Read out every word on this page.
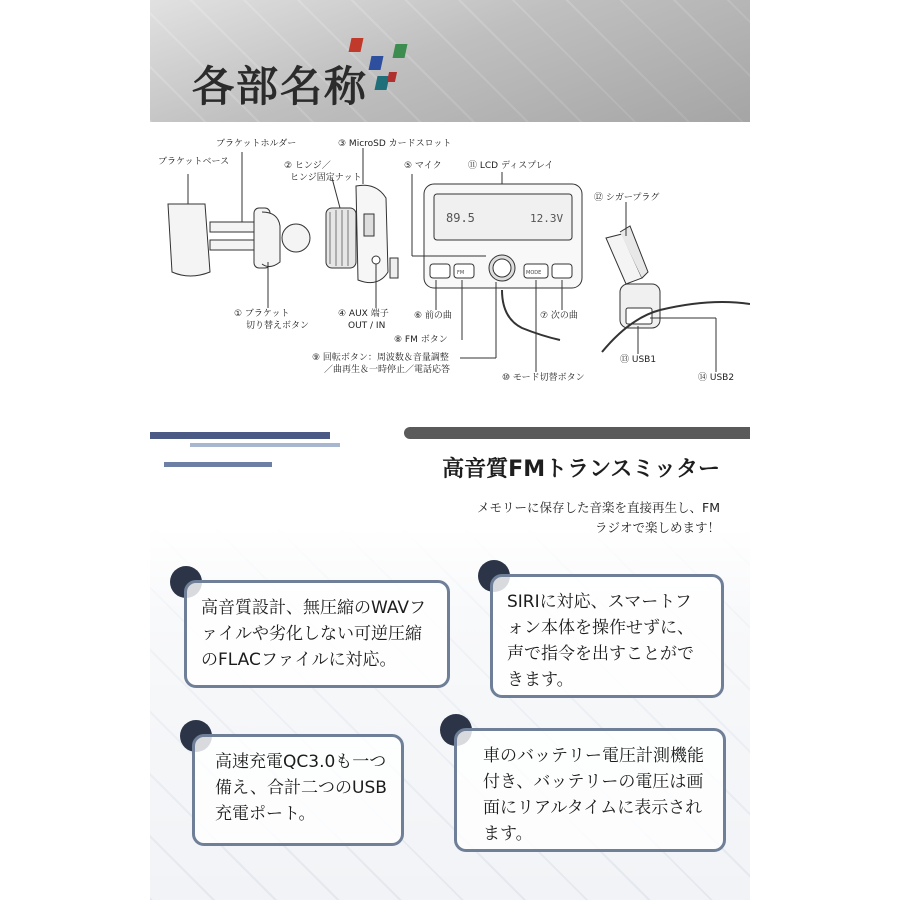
各部名称
89.5	12.3V
FM	MODE
ブラケットベース
ブラケットホルダー
② ヒンジ／
ヒンジ固定ナット
③ MicroSD カードスロット
⑤ マイク	⑪ LCD ディスプレイ
⑫ シガープラグ
① ブラケット
切り替えボタン
④ AUX 端子
OUT / IN
⑥ 前の曲	⑦ 次の曲
⑧ FM ボタン
⑨ 回転ボタン：周波数＆音量調整
／曲再生＆一時停止／電話応答
⑩ モード切替ボタン
⑬ USB1
⑭ USB2
高音質FMトランスミッター
メモリーに保存した音楽を直接再生し、FMラジオで楽しめます！
高音質設計、無圧縮のWAVファイルや劣化しない可逆圧縮のFLACファイルに対応。
SIRIに対応、スマートフォン本体を操作せずに、声で指令を出すことができます。
高速充電QC3.0も一つ備え、合計二つのUSB充電ポート。
車のバッテリー電圧計測機能付き、バッテリーの電圧は画面にリアルタイムに表示されます。
